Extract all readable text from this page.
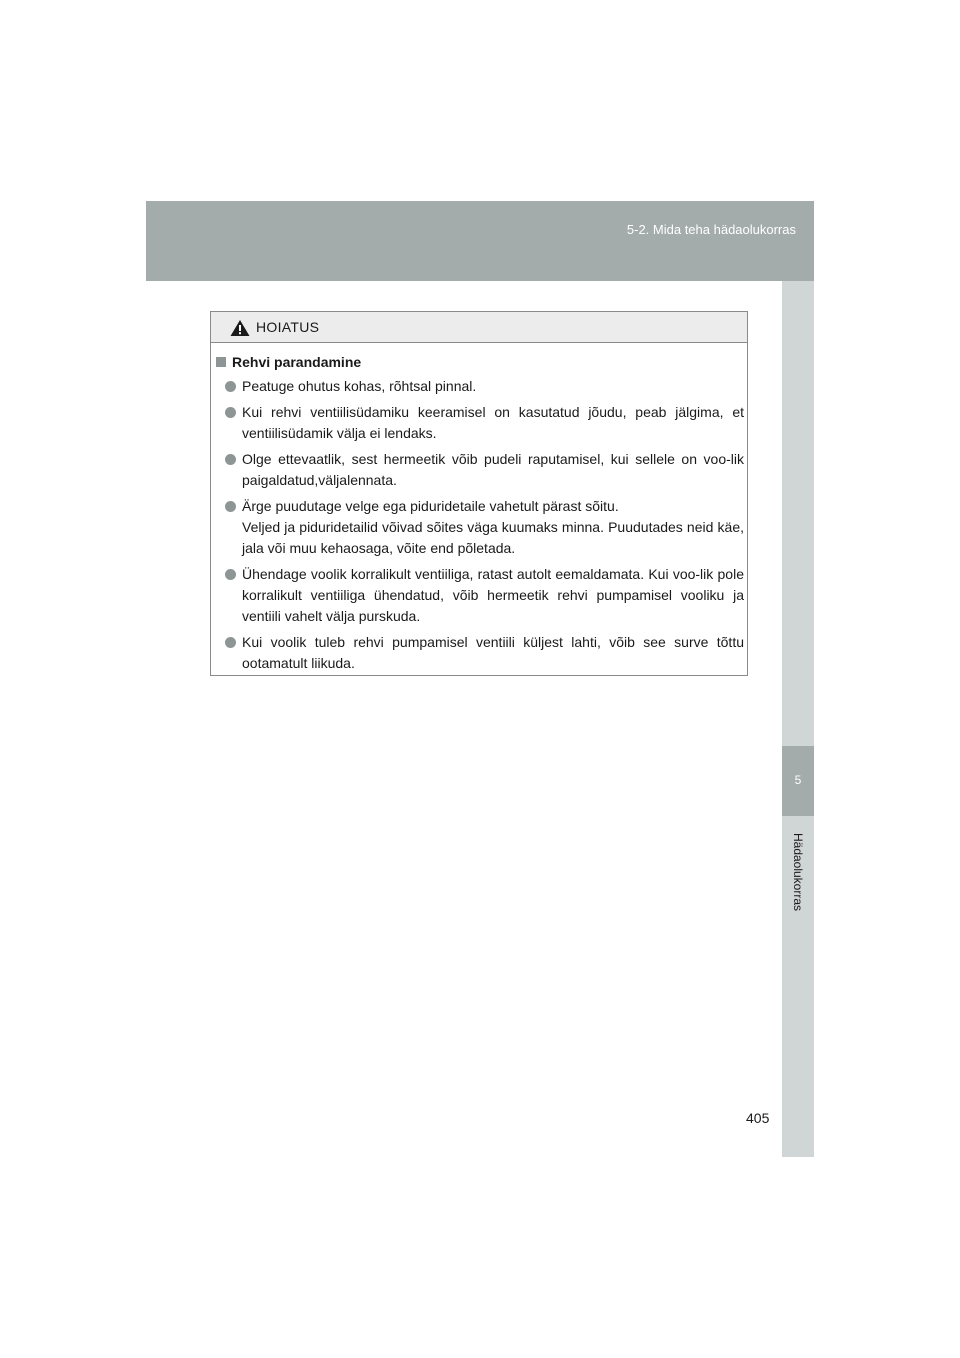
5-2. Mida teha hädaolukorras
5
Hädaolukorras
HOIATUS
Rehvi parandamine

Peatuge ohutus kohas, rõhtsal pinnal.

Kui rehvi ventiilisüdamiku keeramisel on kasutatud jõudu, peab jälgima, et ventiilisüdamik välja ei lendaks.

Olge ettevaatlik, sest hermeetik võib pudeli raputamisel, kui sellele on voo-lik paigaldatud,väljalennata.

Ärge puudutage velge ega piduridetaile vahetult pärast sõitu.

Veljed ja piduridetailid võivad sõites väga kuumaks minna. Puudutades neid käe, jala või muu kehaosaga, võite end põletada.

Ühendage voolik korralikult ventiiliga, ratast autolt eemaldamata. Kui voo-lik pole korralikult ventiiliga ühendatud, võib hermeetik rehvi pumpamisel vooliku ja ventiili vahelt välja purskuda.

Kui voolik tuleb rehvi pumpamisel ventiili küljest lahti, võib see surve tõttu ootamatult liikuda.

405
